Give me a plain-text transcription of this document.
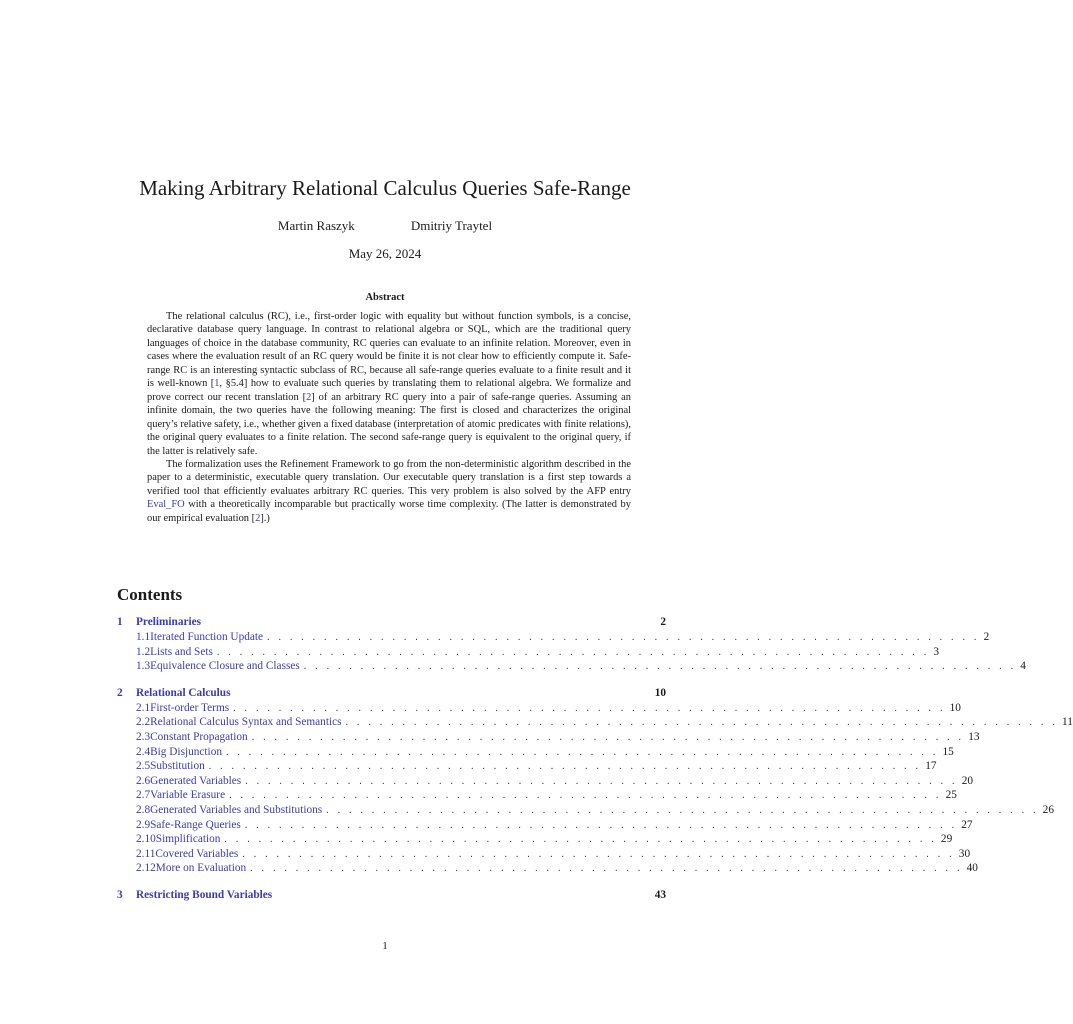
Making Arbitrary Relational Calculus Queries Safe-Range
Martin Raszyk	Dmitriy Traytel
May 26, 2024
Abstract

The relational calculus (RC), i.e., first-order logic with equality but without function symbols, is a concise, declarative database query language. In contrast to relational algebra or SQL, which are the traditional query languages of choice in the database community, RC queries can evaluate to an infinite relation. Moreover, even in cases where the evaluation result of an RC query would be finite it is not clear how to efficiently compute it. Safe-range RC is an interesting syntactic subclass of RC, because all safe-range queries evaluate to a finite result and it is well-known [1, §5.4] how to evaluate such queries by translating them to relational algebra. We formalize and prove correct our recent translation [2] of an arbitrary RC query into a pair of safe-range queries. Assuming an infinite domain, the two queries have the following meaning: The first is closed and characterizes the original query’s relative safety, i.e., whether given a fixed database (interpretation of atomic predicates with finite relations), the original query evaluates to a finite relation. The second safe-range query is equivalent to the original query, if the latter is relatively safe.

The formalization uses the Refinement Framework to go from the non-deterministic algorithm described in the paper to a deterministic, executable query translation. Our executable query translation is a first step towards a verified tool that efficiently evaluates arbitrary RC queries. This very problem is also solved by the AFP entry Eval_FO with a theoretically incomparable but practically worse time complexity. (The latter is demonstrated by our empirical evaluation [2].)

Contents
1	Preliminaries	2
1.1 Iterated Function Update . . . . . . . . . . . . . . . . . . . . . . . . . . . . . . . . . . . . . . . . . . . . . . . . . . . . . . . . . . . . . . . 2
1.2 Lists and Sets . . . . . . . . . . . . . . . . . . . . . . . . . . . . . . . . . . . . . . . . . . . . . . . . . . . . . . . . . . . . . . . 3
1.3 Equivalence Closure and Classes . . . . . . . . . . . . . . . . . . . . . . . . . . . . . . . . . . . . . . . . . . . . . . . . . . . . . . . . . . . . . . . 4
2	Relational Calculus	10
2.1 First-order Terms . . . . . . . . . . . . . . . . . . . . . . . . . . . . . . . . . . . . . . . . . . . . . . . . . . . . . . . . . . . . . . . 10
2.2 Relational Calculus Syntax and Semantics . . . . . . . . . . . . . . . . . . . . . . . . . . . . . . . . . . . . . . . . . . . . . . . . . . . . . . . . . . . . . . . 11
2.3 Constant Propagation . . . . . . . . . . . . . . . . . . . . . . . . . . . . . . . . . . . . . . . . . . . . . . . . . . . . . . . . . . . . . . . 13
2.4 Big Disjunction . . . . . . . . . . . . . . . . . . . . . . . . . . . . . . . . . . . . . . . . . . . . . . . . . . . . . . . . . . . . . . . 15
2.5 Substitution . . . . . . . . . . . . . . . . . . . . . . . . . . . . . . . . . . . . . . . . . . . . . . . . . . . . . . . . . . . . . . . 17
2.6 Generated Variables . . . . . . . . . . . . . . . . . . . . . . . . . . . . . . . . . . . . . . . . . . . . . . . . . . . . . . . . . . . . . . . 20
2.7 Variable Erasure . . . . . . . . . . . . . . . . . . . . . . . . . . . . . . . . . . . . . . . . . . . . . . . . . . . . . . . . . . . . . . . 25
2.8 Generated Variables and Substitutions . . . . . . . . . . . . . . . . . . . . . . . . . . . . . . . . . . . . . . . . . . . . . . . . . . . . . . . . . . . . . . . 26
2.9 Safe-Range Queries . . . . . . . . . . . . . . . . . . . . . . . . . . . . . . . . . . . . . . . . . . . . . . . . . . . . . . . . . . . . . . . 27
2.10 Simplification . . . . . . . . . . . . . . . . . . . . . . . . . . . . . . . . . . . . . . . . . . . . . . . . . . . . . . . . . . . . . . . 29
2.11 Covered Variables . . . . . . . . . . . . . . . . . . . . . . . . . . . . . . . . . . . . . . . . . . . . . . . . . . . . . . . . . . . . . . . 30
2.12 More on Evaluation . . . . . . . . . . . . . . . . . . . . . . . . . . . . . . . . . . . . . . . . . . . . . . . . . . . . . . . . . . . . . . . 40
3	Restricting Bound Variables	43
1
